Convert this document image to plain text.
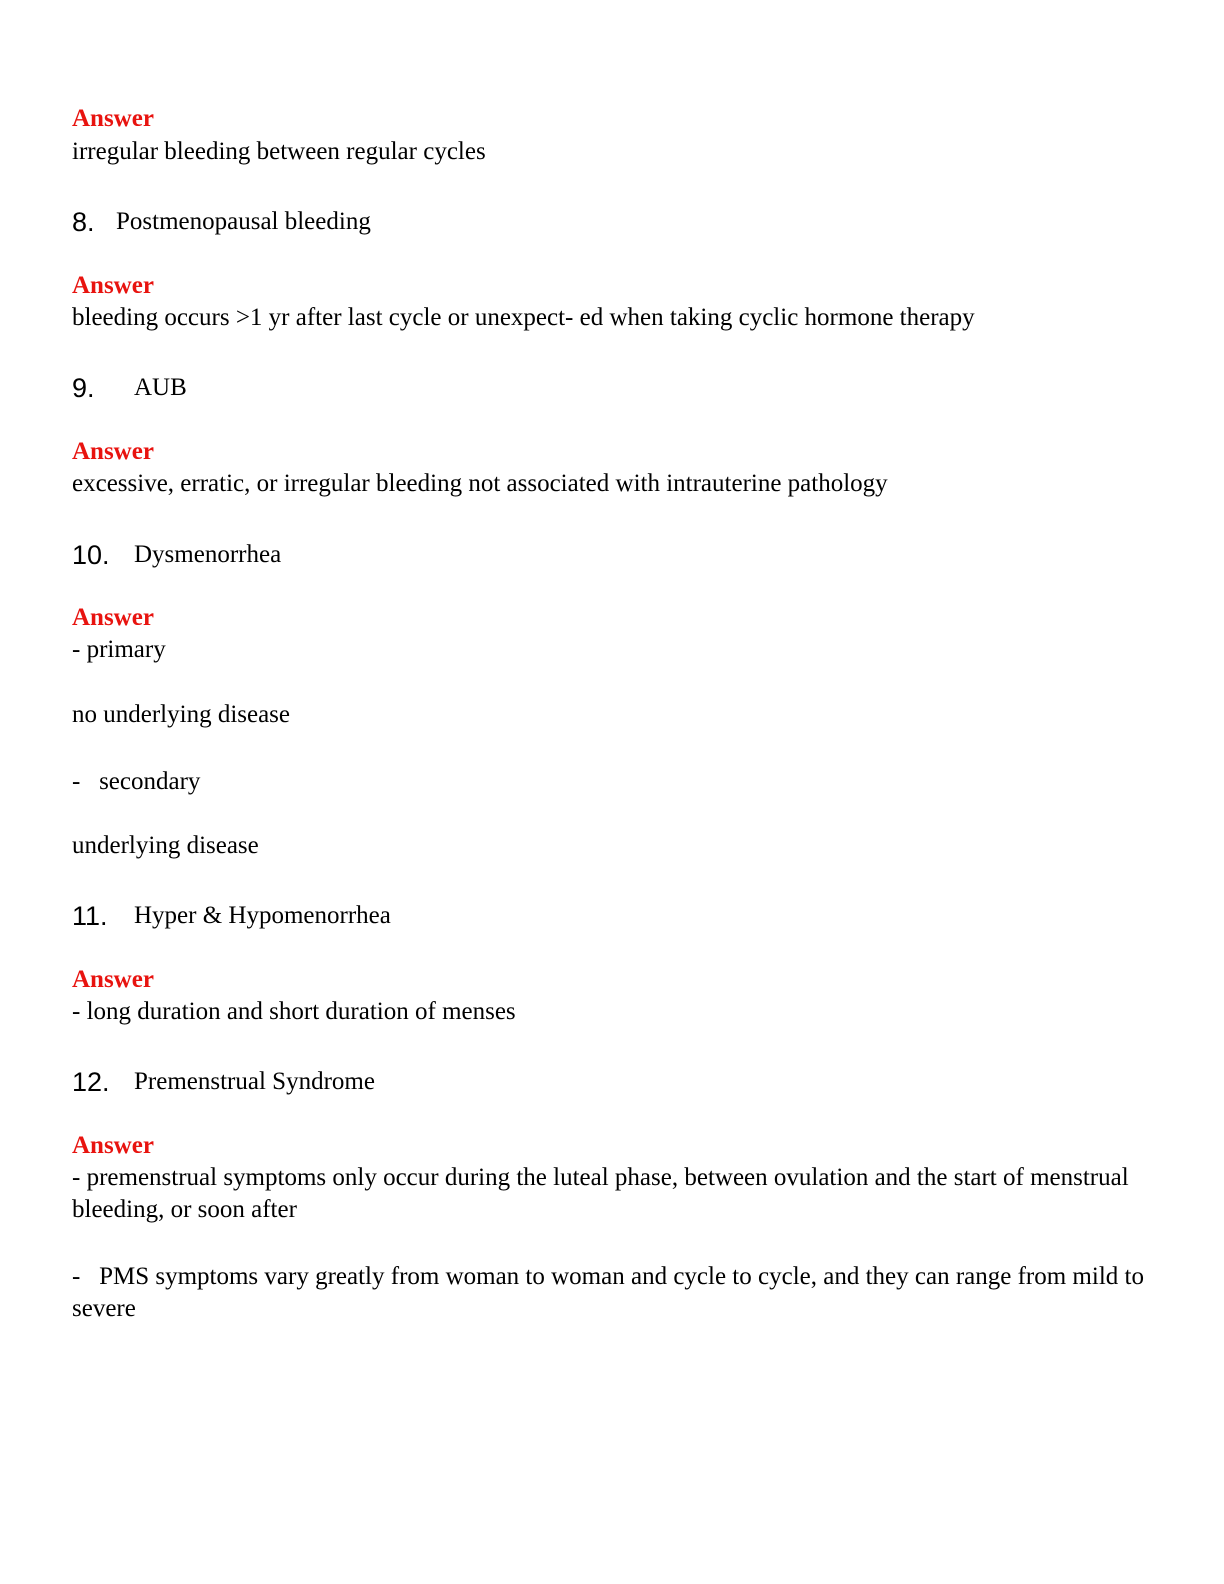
Answer
irregular bleeding between regular cycles
8. Postmenopausal bleeding
Answer
bleeding occurs >1 yr after last cycle or unexpect- ed when taking cyclic hormone therapy
9. AUB
Answer
excessive, erratic, or irregular bleeding not associated with intrauterine pathology
10. Dysmenorrhea
Answer
- primary
no underlying disease
-   secondary
underlying disease
11. Hyper & Hypomenorrhea
Answer
- long duration and short duration of menses
12. Premenstrual Syndrome
Answer
- premenstrual symptoms only occur during the luteal phase, between ovulation and the start of menstrual bleeding, or soon after
-   PMS symptoms vary greatly from woman to woman and cycle to cycle, and they can range from mild to severe
